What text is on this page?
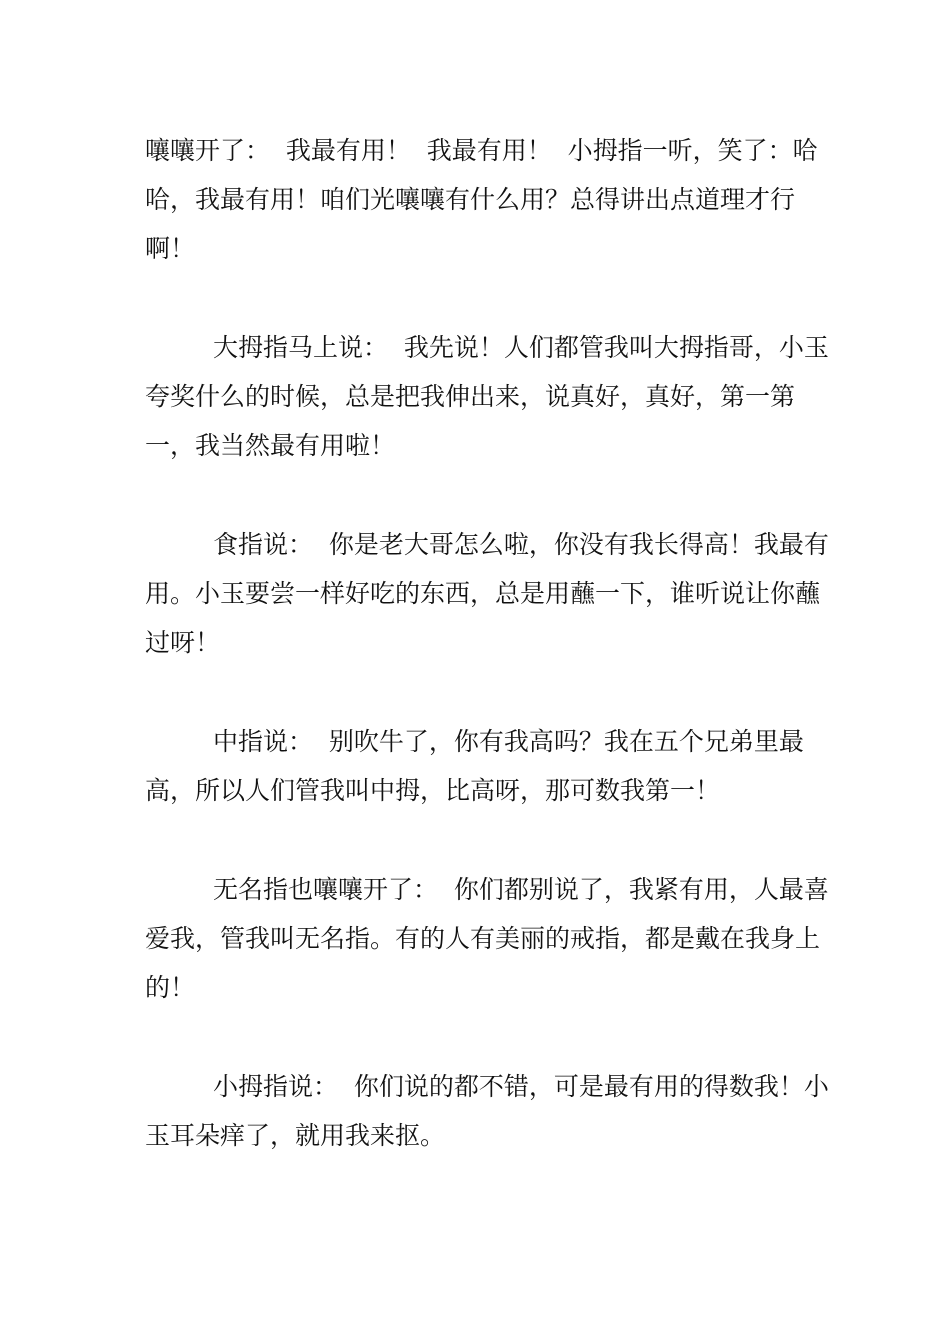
嚷嚷开了：  我最有用！  我最有用！  小拇指一听，笑了：哈哈，我最有用！咱们光嚷嚷有什么用？总得讲出点道理才行啊！

大拇指马上说：  我先说！人们都管我叫大拇指哥，小玉夸奖什么的时候，总是把我伸出来，说真好，真好，第一第一，我当然最有用啦！

食指说：  你是老大哥怎么啦，你没有我长得高！我最有用。小玉要尝一样好吃的东西，总是用蘸一下，谁听说让你蘸过呀！

中指说：  别吹牛了，你有我高吗？我在五个兄弟里最高，所以人们管我叫中拇，比高呀，那可数我第一！

无名指也嚷嚷开了：  你们都别说了，我紧有用，人最喜爱我，管我叫无名指。有的人有美丽的戒指，都是戴在我身上的！

小拇指说：  你们说的都不错，可是最有用的得数我！小玉耳朵痒了，就用我来抠。
